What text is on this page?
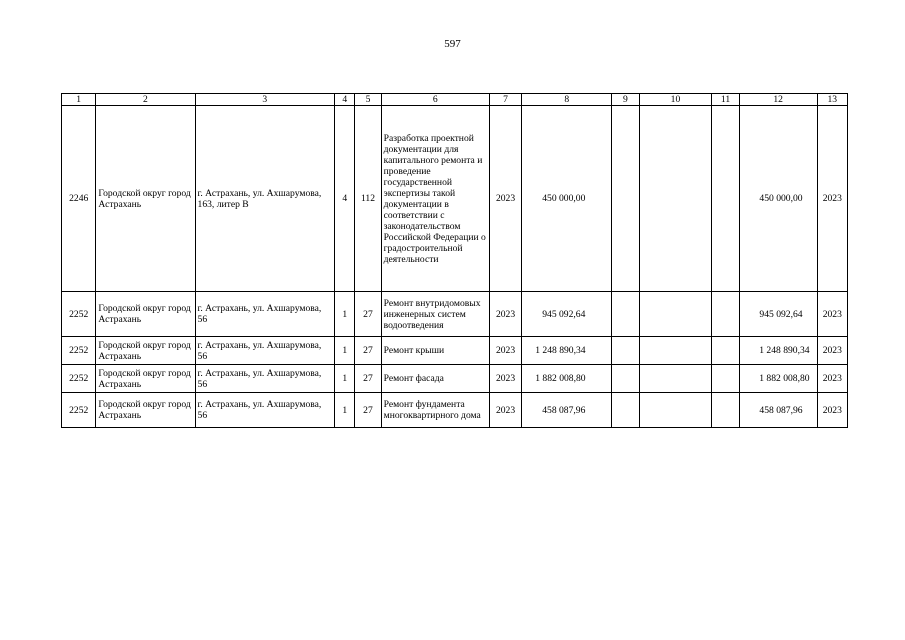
597
1	2	3	4	5	6	7	8	9	10	11	12	13
2246	Городской округ город Астрахань	г. Астрахань, ул. Ахшарумова, 163, литер В	4	112	Разработка проектной документации для капитального ремонта и проведение государственной экспертизы такой документации в соответствии с законодательством Российской Федерации о градостроительной деятельности	2023	450 000,00				450 000,00	2023
2252	Городской округ город Астрахань	г. Астрахань, ул. Ахшарумова, 56	1	27	Ремонт внутридомовых инженерных систем водоотведения	2023	945 092,64				945 092,64	2023
2252	Городской округ город Астрахань	г. Астрахань, ул. Ахшарумова, 56	1	27	Ремонт крыши	2023	1 248 890,34				1 248 890,34	2023
2252	Городской округ город Астрахань	г. Астрахань, ул. Ахшарумова, 56	1	27	Ремонт фасада	2023	1 882 008,80				1 882 008,80	2023
2252	Городской округ город Астрахань	г. Астрахань, ул. Ахшарумова, 56	1	27	Ремонт фундамента многоквартирного дома	2023	458 087,96				458 087,96	2023
